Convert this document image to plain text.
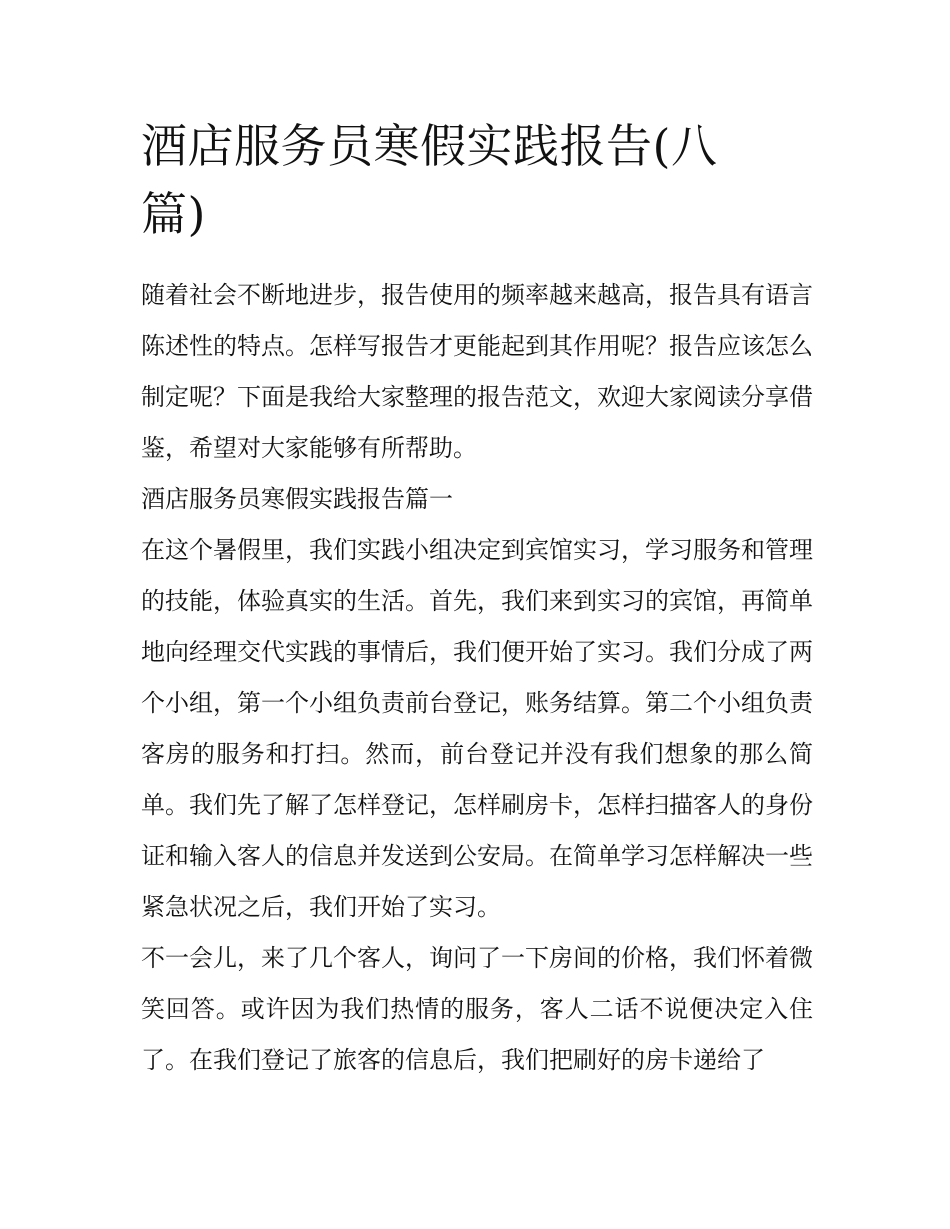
酒店服务员寒假实践报告(八篇)

随着社会不断地进步，报告使用的频率越来越高，报告具有语言陈述性的特点。怎样写报告才更能起到其作用呢？报告应该怎么制定呢？下面是我给大家整理的报告范文，欢迎大家阅读分享借鉴，希望对大家能够有所帮助。

酒店服务员寒假实践报告篇一

在这个暑假里，我们实践小组决定到宾馆实习，学习服务和管理的技能，体验真实的生活。首先，我们来到实习的宾馆，再简单地向经理交代实践的事情后，我们便开始了实习。我们分成了两个小组，第一个小组负责前台登记，账务结算。第二个小组负责客房的服务和打扫。然而，前台登记并没有我们想象的那么简单。我们先了解了怎样登记，怎样刷房卡，怎样扫描客人的身份证和输入客人的信息并发送到公安局。在简单学习怎样解决一些紧急状况之后，我们开始了实习。

不一会儿，来了几个客人，询问了一下房间的价格，我们怀着微笑回答。或许因为我们热情的服务，客人二话不说便决定入住了。在我们登记了旅客的信息后，我们把刷好的房卡递给了
